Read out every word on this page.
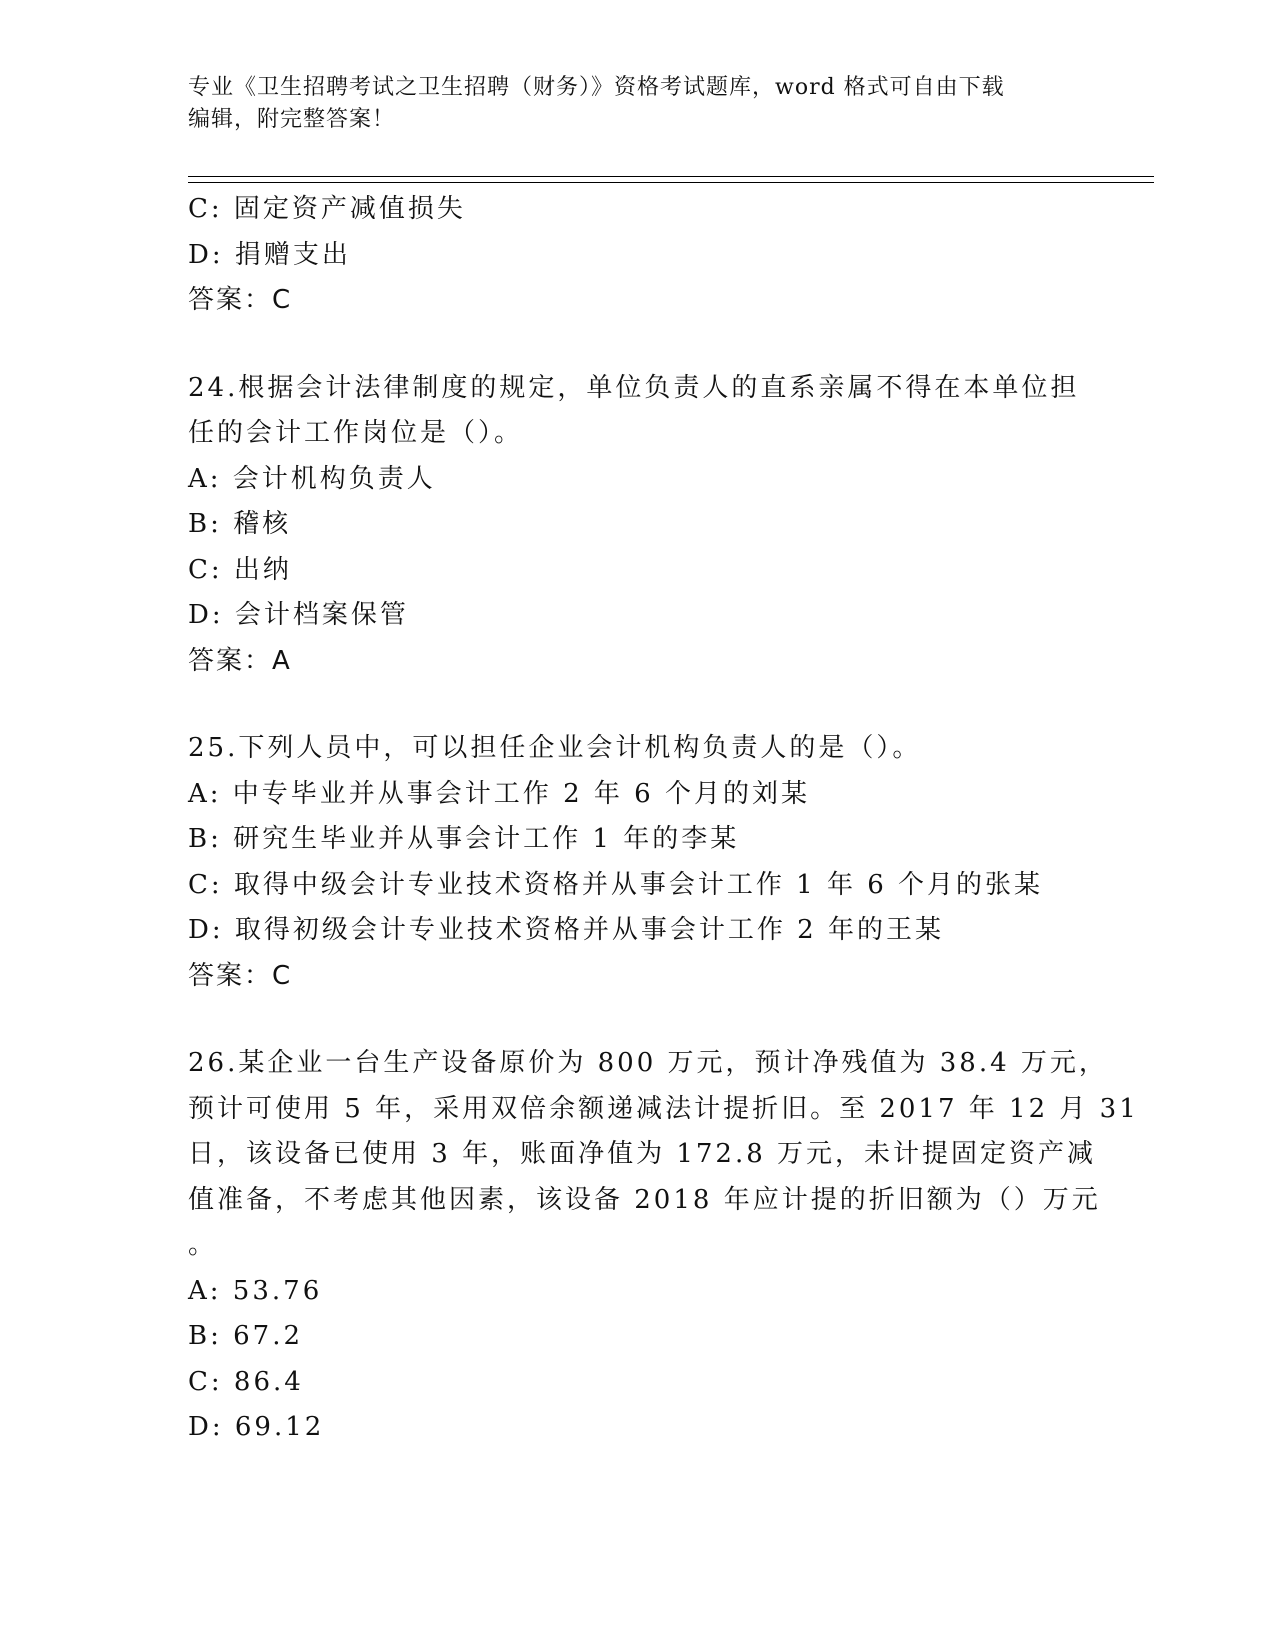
专业《卫生招聘考试之卫生招聘（财务）》资格考试题库，word 格式可自由下载
编辑，附完整答案！
C: 固定资产减值损失
D: 捐赠支出
答案：C
24.根据会计法律制度的规定，单位负责人的直系亲属不得在本单位担
任的会计工作岗位是（）。
A: 会计机构负责人
B: 稽核
C: 出纳
D: 会计档案保管
答案：A
25.下列人员中，可以担任企业会计机构负责人的是（）。
A: 中专毕业并从事会计工作 2 年 6 个月的刘某
B: 研究生毕业并从事会计工作 1 年的李某
C: 取得中级会计专业技术资格并从事会计工作 1 年 6 个月的张某
D: 取得初级会计专业技术资格并从事会计工作 2 年的王某
答案：C
26.某企业一台生产设备原价为 800 万元，预计净残值为 38.4 万元，
预计可使用 5 年，采用双倍余额递减法计提折旧。至 2017 年 12 月 31
日，该设备已使用 3 年，账面净值为 172.8 万元，未计提固定资产减
值准备，不考虑其他因素，该设备 2018 年应计提的折旧额为（）万元
。
A: 53.76
B: 67.2
C: 86.4
D: 69.12
